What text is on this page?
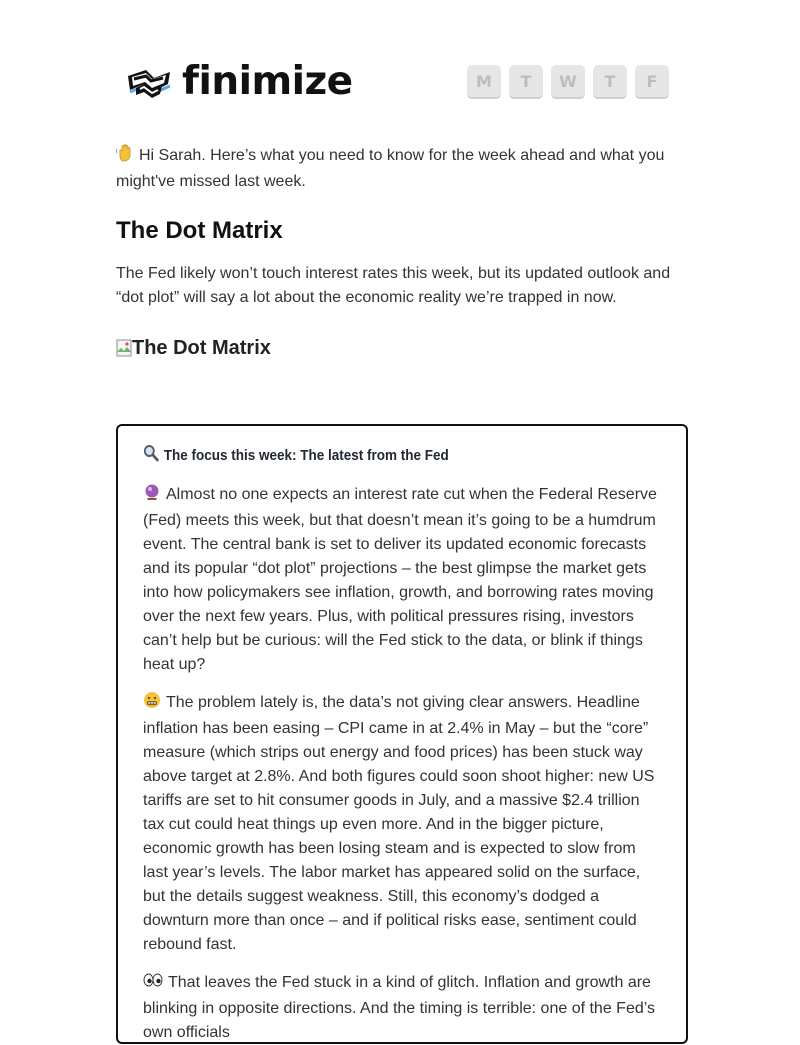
finimize	M	T	W	T	F
Hi Sarah. Here’s what you need to know for the week ahead and what you might've missed last week.
The Dot Matrix
The Fed likely won’t touch interest rates this week, but its updated outlook and “dot plot” will say a lot about the economic reality we’re trapped in now.
The Dot Matrix
The focus this week: The latest from the Fed
Almost no one expects an interest rate cut when the Federal Reserve (Fed) meets this week, but that doesn’t mean it’s going to be a humdrum event. The central bank is set to deliver its updated economic forecasts and its popular “dot plot” projections – the best glimpse the market gets into how policymakers see inflation, growth, and borrowing rates moving over the next few years. Plus, with political pressures rising, investors can’t help but be curious: will the Fed stick to the data, or blink if things heat up?
The problem lately is, the data’s not giving clear answers. Headline inflation has been easing – CPI came in at 2.4% in May – but the “core” measure (which strips out energy and food prices) has been stuck way above target at 2.8%. And both figures could soon shoot higher: new US tariffs are set to hit consumer goods in July, and a massive $2.4 trillion tax cut could heat things up even more. And in the bigger picture, economic growth has been losing steam and is expected to slow from last year’s levels. The labor market has appeared solid on the surface, but the details suggest weakness. Still, this economy’s dodged a downturn more than once – and if political risks ease, sentiment could rebound fast.
That leaves the Fed stuck in a kind of glitch. Inflation and growth are blinking in opposite directions. And the timing is terrible: one of the Fed’s own officials
